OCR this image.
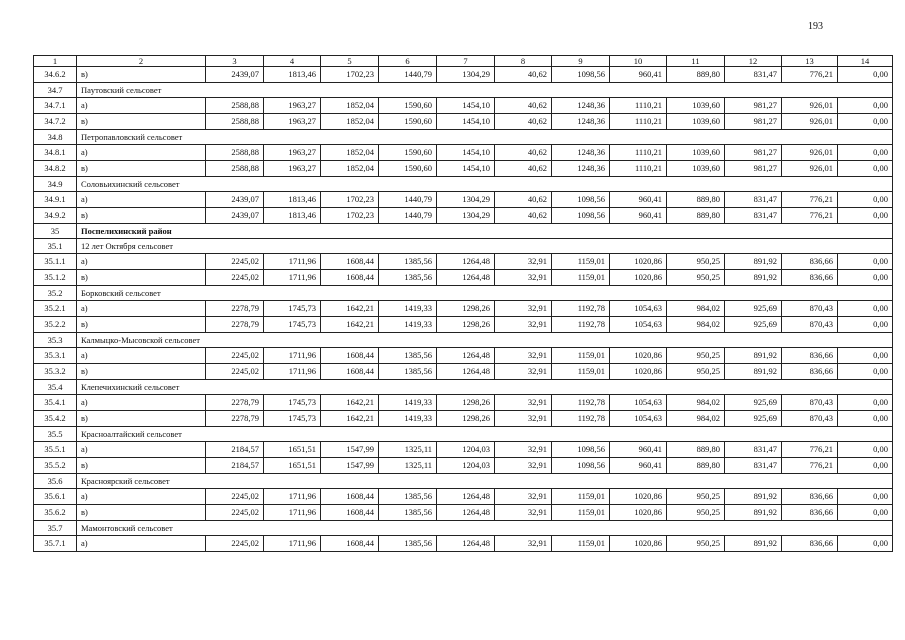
193
1	2	3	4	5	6	7	8	9	10	11	12	13	14
34.6.2	в)	2439,07	1813,46	1702,23	1440,79	1304,29	40,62	1098,56	960,41	889,80	831,47	776,21	0,00
34.7	Пaутовский сельсовет												
34.7.1	а)	2588,88	1963,27	1852,04	1590,60	1454,10	40,62	1248,36	1110,21	1039,60	981,27	926,01	0,00
34.7.2	в)	2588,88	1963,27	1852,04	1590,60	1454,10	40,62	1248,36	1110,21	1039,60	981,27	926,01	0,00
34.8	Петропавловский сельсовет												
34.8.1	а)	2588,88	1963,27	1852,04	1590,60	1454,10	40,62	1248,36	1110,21	1039,60	981,27	926,01	0,00
34.8.2	в)	2588,88	1963,27	1852,04	1590,60	1454,10	40,62	1248,36	1110,21	1039,60	981,27	926,01	0,00
34.9	Соловьихинский сельсовет												
34.9.1	а)	2439,07	1813,46	1702,23	1440,79	1304,29	40,62	1098,56	960,41	889,80	831,47	776,21	0,00
34.9.2	в)	2439,07	1813,46	1702,23	1440,79	1304,29	40,62	1098,56	960,41	889,80	831,47	776,21	0,00
35	Поспелихинский район												
35.1	12 лет Октября сельсовет												
35.1.1	а)	2245,02	1711,96	1608,44	1385,56	1264,48	32,91	1159,01	1020,86	950,25	891,92	836,66	0,00
35.1.2	в)	2245,02	1711,96	1608,44	1385,56	1264,48	32,91	1159,01	1020,86	950,25	891,92	836,66	0,00
35.2	Борковский сельсовет												
35.2.1	а)	2278,79	1745,73	1642,21	1419,33	1298,26	32,91	1192,78	1054,63	984,02	925,69	870,43	0,00
35.2.2	в)	2278,79	1745,73	1642,21	1419,33	1298,26	32,91	1192,78	1054,63	984,02	925,69	870,43	0,00
35.3	Калмыцко-Мысовской сельсовет												
35.3.1	а)	2245,02	1711,96	1608,44	1385,56	1264,48	32,91	1159,01	1020,86	950,25	891,92	836,66	0,00
35.3.2	в)	2245,02	1711,96	1608,44	1385,56	1264,48	32,91	1159,01	1020,86	950,25	891,92	836,66	0,00
35.4	Клепечихинский сельсовет												
35.4.1	а)	2278,79	1745,73	1642,21	1419,33	1298,26	32,91	1192,78	1054,63	984,02	925,69	870,43	0,00
35.4.2	в)	2278,79	1745,73	1642,21	1419,33	1298,26	32,91	1192,78	1054,63	984,02	925,69	870,43	0,00
35.5	Красноалтайский сельсовет												
35.5.1	а)	2184,57	1651,51	1547,99	1325,11	1204,03	32,91	1098,56	960,41	889,80	831,47	776,21	0,00
35.5.2	в)	2184,57	1651,51	1547,99	1325,11	1204,03	32,91	1098,56	960,41	889,80	831,47	776,21	0,00
35.6	Красноярский сельсовет												
35.6.1	а)	2245,02	1711,96	1608,44	1385,56	1264,48	32,91	1159,01	1020,86	950,25	891,92	836,66	0,00
35.6.2	в)	2245,02	1711,96	1608,44	1385,56	1264,48	32,91	1159,01	1020,86	950,25	891,92	836,66	0,00
35.7	Мамонтовский сельсовет												
35.7.1	а)	2245,02	1711,96	1608,44	1385,56	1264,48	32,91	1159,01	1020,86	950,25	891,92	836,66	0,00
